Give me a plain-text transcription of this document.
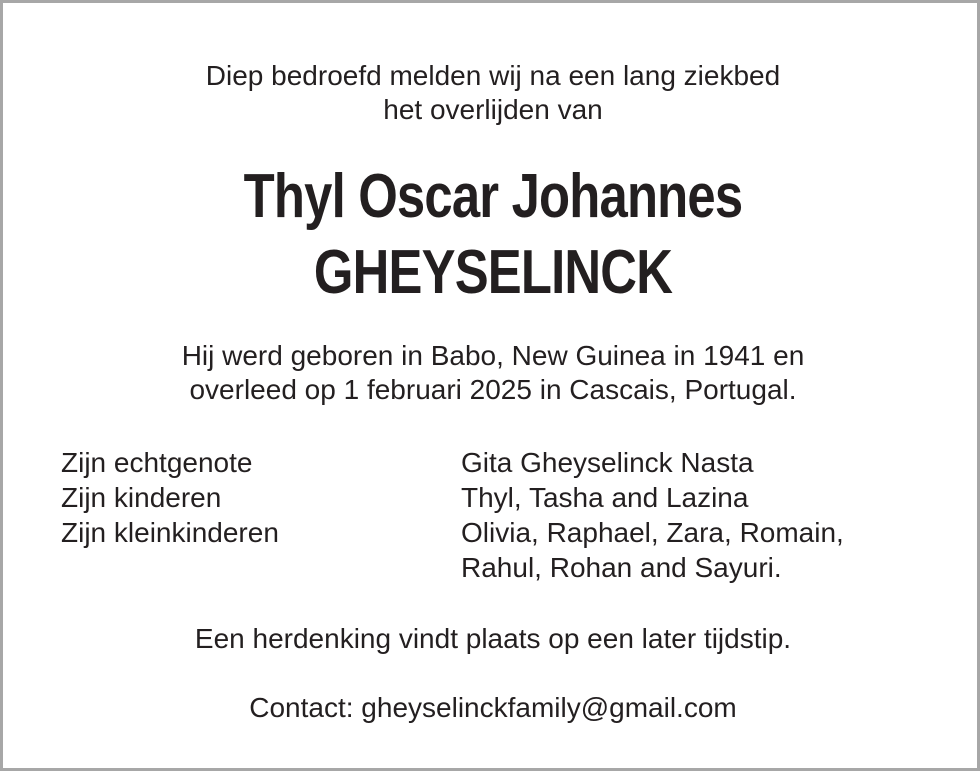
Diep bedroefd melden wij na een lang ziekbed
het overlijden van
Thyl Oscar Johannes
GHEYSELINCK
Hij werd geboren in Babo, New Guinea in 1941 en
overleed op 1 februari 2025 in Cascais, Portugal.
Zijn echtgenote	Gita Gheyselinck Nasta
Zijn kinderen	Thyl, Tasha and Lazina
Zijn kleinkinderen	Olivia, Raphael, Zara, Romain,
Rahul, Rohan and Sayuri.
Een herdenking vindt plaats op een later tijdstip.
Contact: gheyselinckfamily@gmail.com
